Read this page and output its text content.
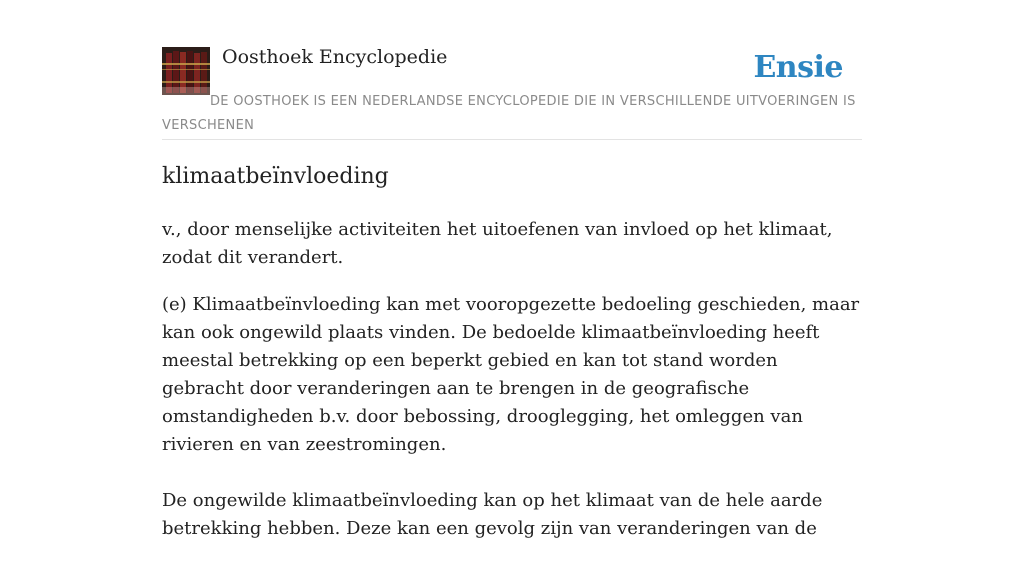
Oosthoek Encyclopedie	Ensie
DE OOSTHOEK IS EEN NEDERLANDSE ENCYCLOPEDIE DIE IN VERSCHILLENDE UITVOERINGEN IS VERSCHENEN
klimaatbeïnvloeding
v., door menselijke activiteiten het uitoefenen van invloed op het klimaat, zodat dit verandert.

(e) Klimaatbeïnvloeding kan met vooropgezette bedoeling geschieden, maar kan ook ongewild plaats vinden. De bedoelde klimaatbeïnvloeding heeft meestal betrekking op een beperkt gebied en kan tot stand worden gebracht door veranderingen aan te brengen in de geografische omstandigheden b.v. door bebossing, drooglegging, het omleggen van rivieren en van zeestromingen.

De ongewilde klimaatbeïnvloeding kan op het klimaat van de hele aarde betrekking hebben. Deze kan een gevolg zijn van veranderingen van de
